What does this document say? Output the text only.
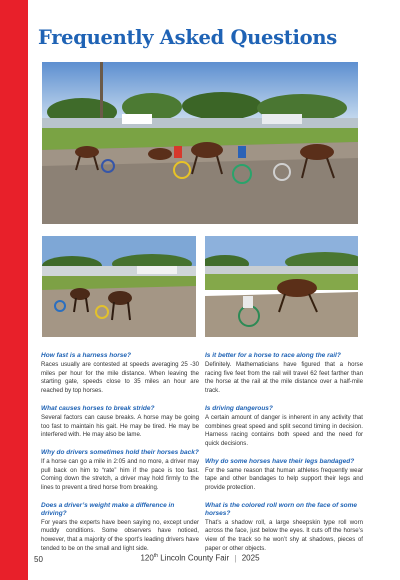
Frequently Asked Questions

How fast is a harness horse?

Races usually are contested at speeds averaging 25 -30 miles per hour for the mile distance. When leaving the starting gate, speeds close to 35 miles an hour are reached by top horses.

What causes horses to break stride?

Several factors can cause breaks. A horse may be going too fast to maintain his gait. He may be tired. He may be interfered with. He may also be lame.

Why do drivers sometimes hold their horses back?

If a horse can go a mile in 2:05 and no more, a driver may pull back on him to “rate” him if the pace is too fast. Coming down the stretch, a driver may hold firmly to the lines to prevent a tired horse from breaking.

Does a driver’s weight make a difference in driving?

For years the experts have been saying no, except under muddy conditions. Some observers have noticed, however, that a majority of the sport’s leading drivers have tended to be on the small and light side.

Is it better for a horse to race along the rail?

Definitely. Mathematicians have figured that a horse racing five feet from the rail will travel 62 feet farther than the horse at the rail at the mile distance over a half-mile track.

Is driving dangerous?

A certain amount of danger is inherent in any activity that combines great speed and split second timing in decision. Harness racing contains both speed and the need for quick decisions.

Why do some horses have their legs bandaged?

For the same reason that human athletes frequently wear tape and other bandages to help support their legs and provide protection.

What is the colored roll worn on the face of some horses?

That’s a shadow roll, a large sheepskin type roll worn across the face, just below the eyes. It cuts off the horse’s view of the track so he won’t shy at shadows, pieces of paper or other objects.

50	120th Lincoln County Fair | 2025
